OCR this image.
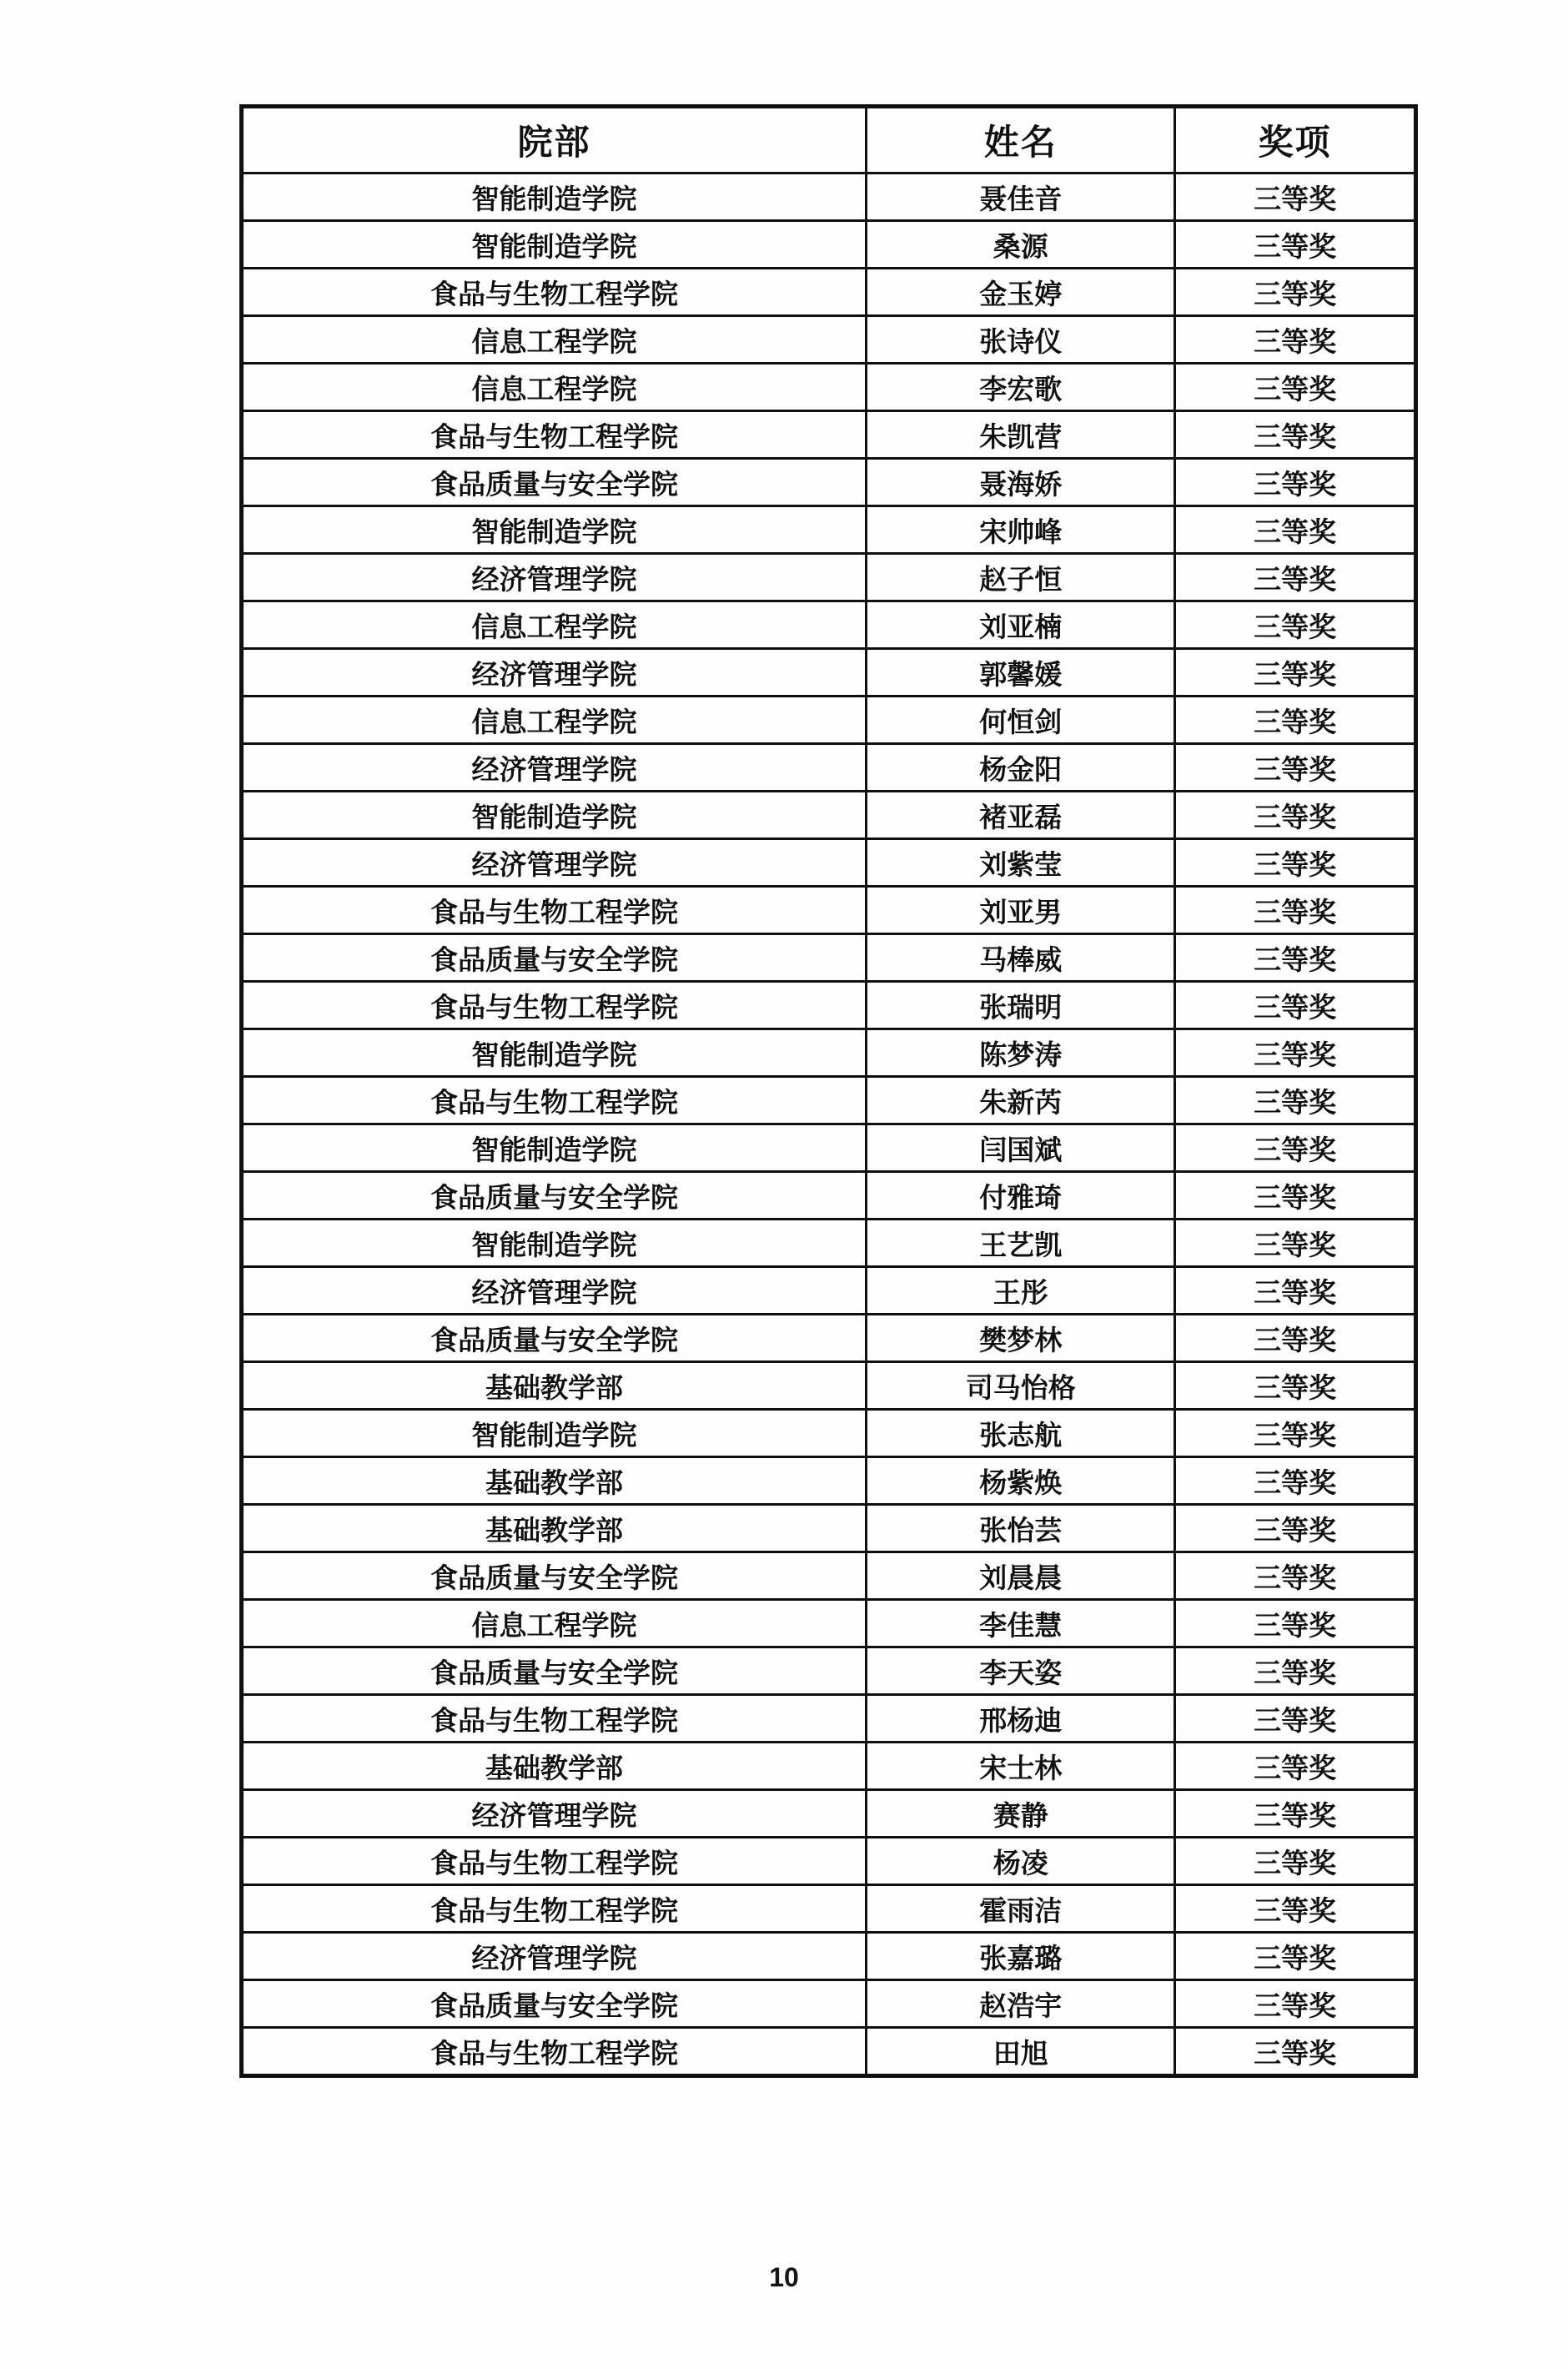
院部	姓名	奖项
智能制造学院	聂佳音	三等奖
智能制造学院	桑源	三等奖
食品与生物工程学院	金玉婷	三等奖
信息工程学院	张诗仪	三等奖
信息工程学院	李宏歌	三等奖
食品与生物工程学院	朱凯营	三等奖
食品质量与安全学院	聂海娇	三等奖
智能制造学院	宋帅峰	三等奖
经济管理学院	赵子恒	三等奖
信息工程学院	刘亚楠	三等奖
经济管理学院	郭馨媛	三等奖
信息工程学院	何恒剑	三等奖
经济管理学院	杨金阳	三等奖
智能制造学院	褚亚磊	三等奖
经济管理学院	刘紫莹	三等奖
食品与生物工程学院	刘亚男	三等奖
食品质量与安全学院	马棒威	三等奖
食品与生物工程学院	张瑞明	三等奖
智能制造学院	陈梦涛	三等奖
食品与生物工程学院	朱新芮	三等奖
智能制造学院	闫国斌	三等奖
食品质量与安全学院	付雅琦	三等奖
智能制造学院	王艺凯	三等奖
经济管理学院	王彤	三等奖
食品质量与安全学院	樊梦林	三等奖
基础教学部	司马怡格	三等奖
智能制造学院	张志航	三等奖
基础教学部	杨紫焕	三等奖
基础教学部	张怡芸	三等奖
食品质量与安全学院	刘晨晨	三等奖
信息工程学院	李佳慧	三等奖
食品质量与安全学院	李天姿	三等奖
食品与生物工程学院	邢杨迪	三等奖
基础教学部	宋士林	三等奖
经济管理学院	赛静	三等奖
食品与生物工程学院	杨凌	三等奖
食品与生物工程学院	霍雨洁	三等奖
经济管理学院	张嘉璐	三等奖
食品质量与安全学院	赵浩宇	三等奖
食品与生物工程学院	田旭	三等奖
10
